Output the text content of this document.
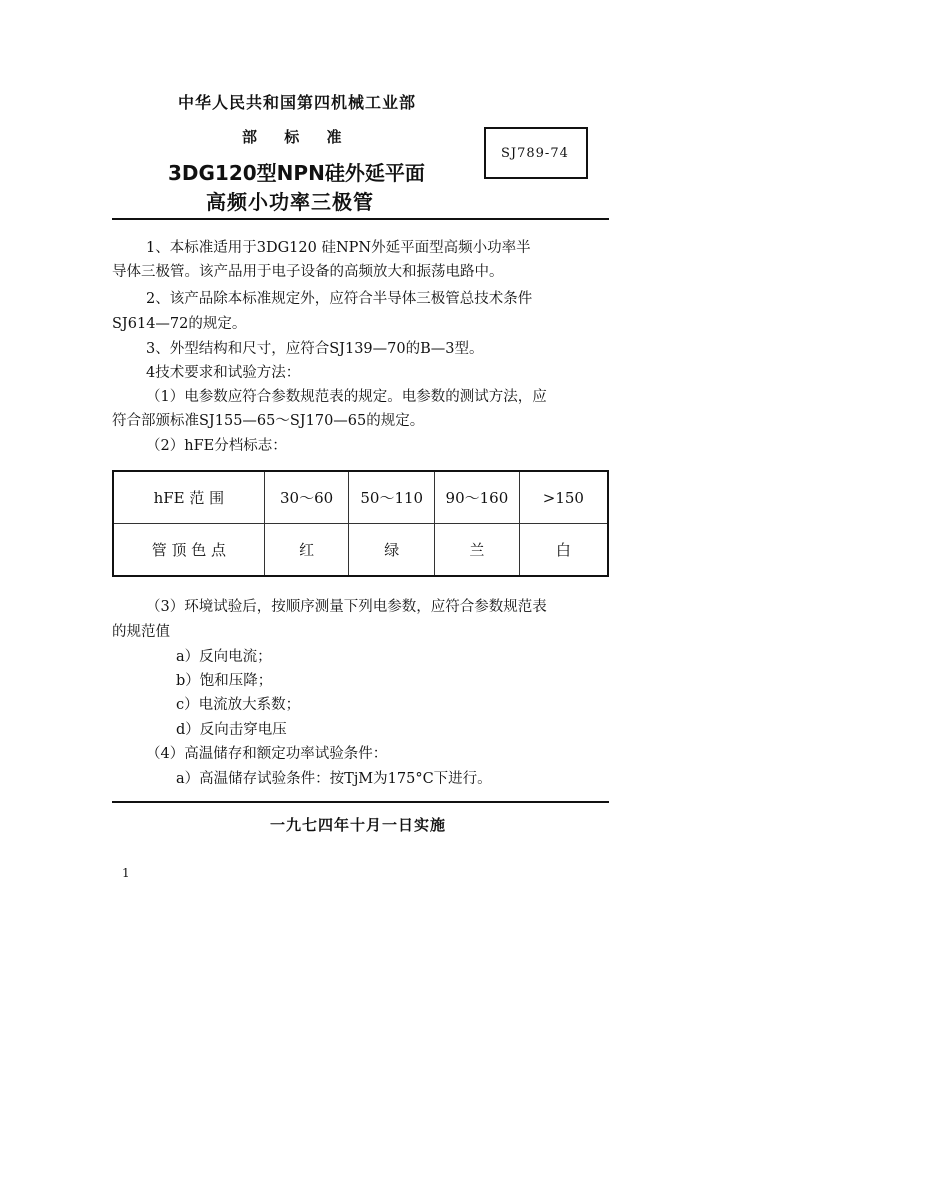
中华人民共和国第四机械工业部
部 标 准
3DG120型NPN硅外延平面
高频小功率三极管
SJ789-74
1、本标准适用于3DG120 硅NPN外延平面型高频小功率半
导体三极管。该产品用于电子设备的高频放大和振荡电路中。
2、该产品除本标准规定外，应符合半导体三极管总技术条件
SJ614—72的规定。
3、外型结构和尺寸，应符合SJ139—70的B—3型。
4技术要求和试验方法：
（1）电参数应符合参数规范表的规定。电参数的测试方法，应
符合部颁标准SJ155—65～SJ170—65的规定。
（2）hFE分档标志：
hFE 范 围	30～60	50～110	90～160	>150
管 顶 色 点	红	绿	兰	白
（3）环境试验后，按顺序测量下列电参数，应符合参数规范表
的规范值
a）反向电流；
b）饱和压降；
c）电流放大系数；
d）反向击穿电压
（4）高温储存和额定功率试验条件：
a）高温储存试验条件：按TjM为175°C下进行。
一九七四年十月一日实施
1
